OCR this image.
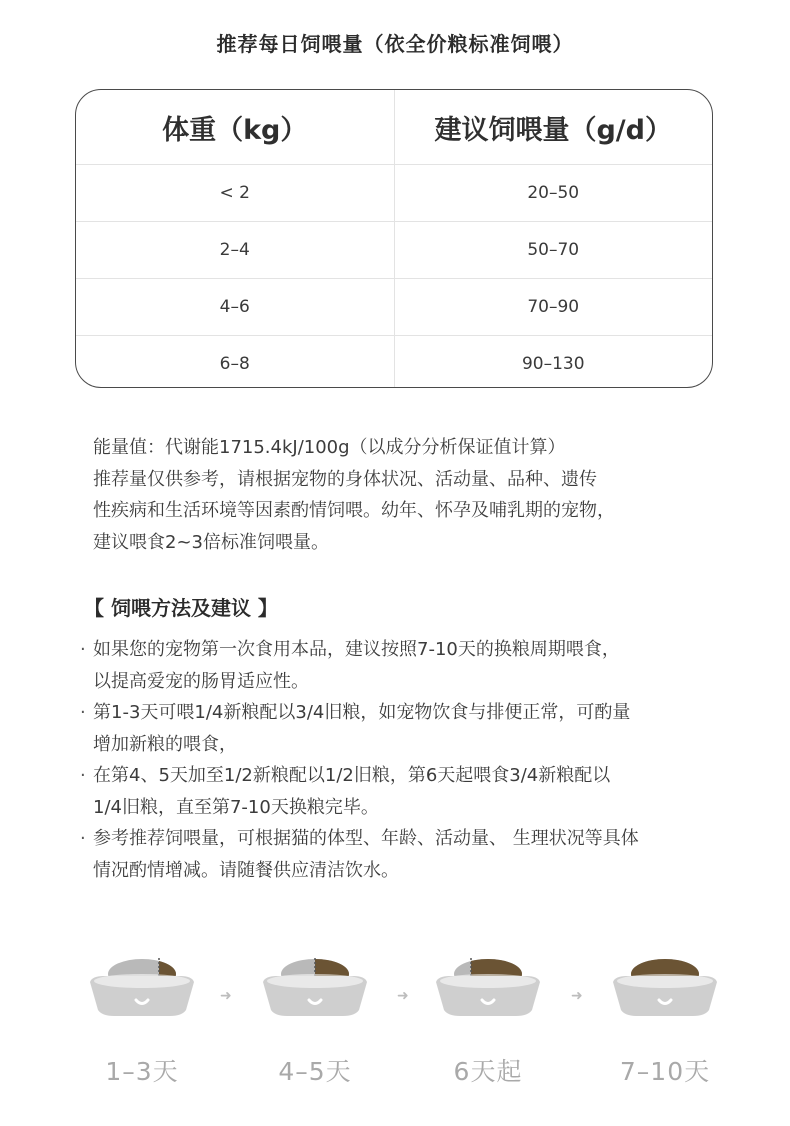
推荐每日饲喂量（依全价粮标准饲喂）
体重（kg）	建议饲喂量（g/d）
< 2	20–50
2–4	50–70
4–6	70–90
6–8	90–130

能量值：代谢能1715.4kJ/100g（以成分分析保证值计算）

推荐量仅供参考，请根据宠物的身体状况、活动量、品种、遗传

性疾病和生活环境等因素酌情饲喂。幼年、怀孕及哺乳期的宠物，

建议喂食2~3倍标准饲喂量。

【 饲喂方法及建议 】
· 如果您的宠物第一次食用本品，建议按照7-10天的换粮周期喂食，
以提高爱宠的肠胃适应性。
· 第1-3天可喂1/4新粮配以3/4旧粮，如宠物饮食与排便正常，可酌量
增加新粮的喂食，
· 在第4、5天加至1/2新粮配以1/2旧粮，第6天起喂食3/4新粮配以
1/4旧粮，直至第7-10天换粮完毕。
· 参考推荐饲喂量，可根据猫的体型、年龄、活动量、 生理状况等具体
情况酌情增减。请随餐供应清洁饮水。
1–3天
➜
4–5天
➜
6天起
➜
7–10天
